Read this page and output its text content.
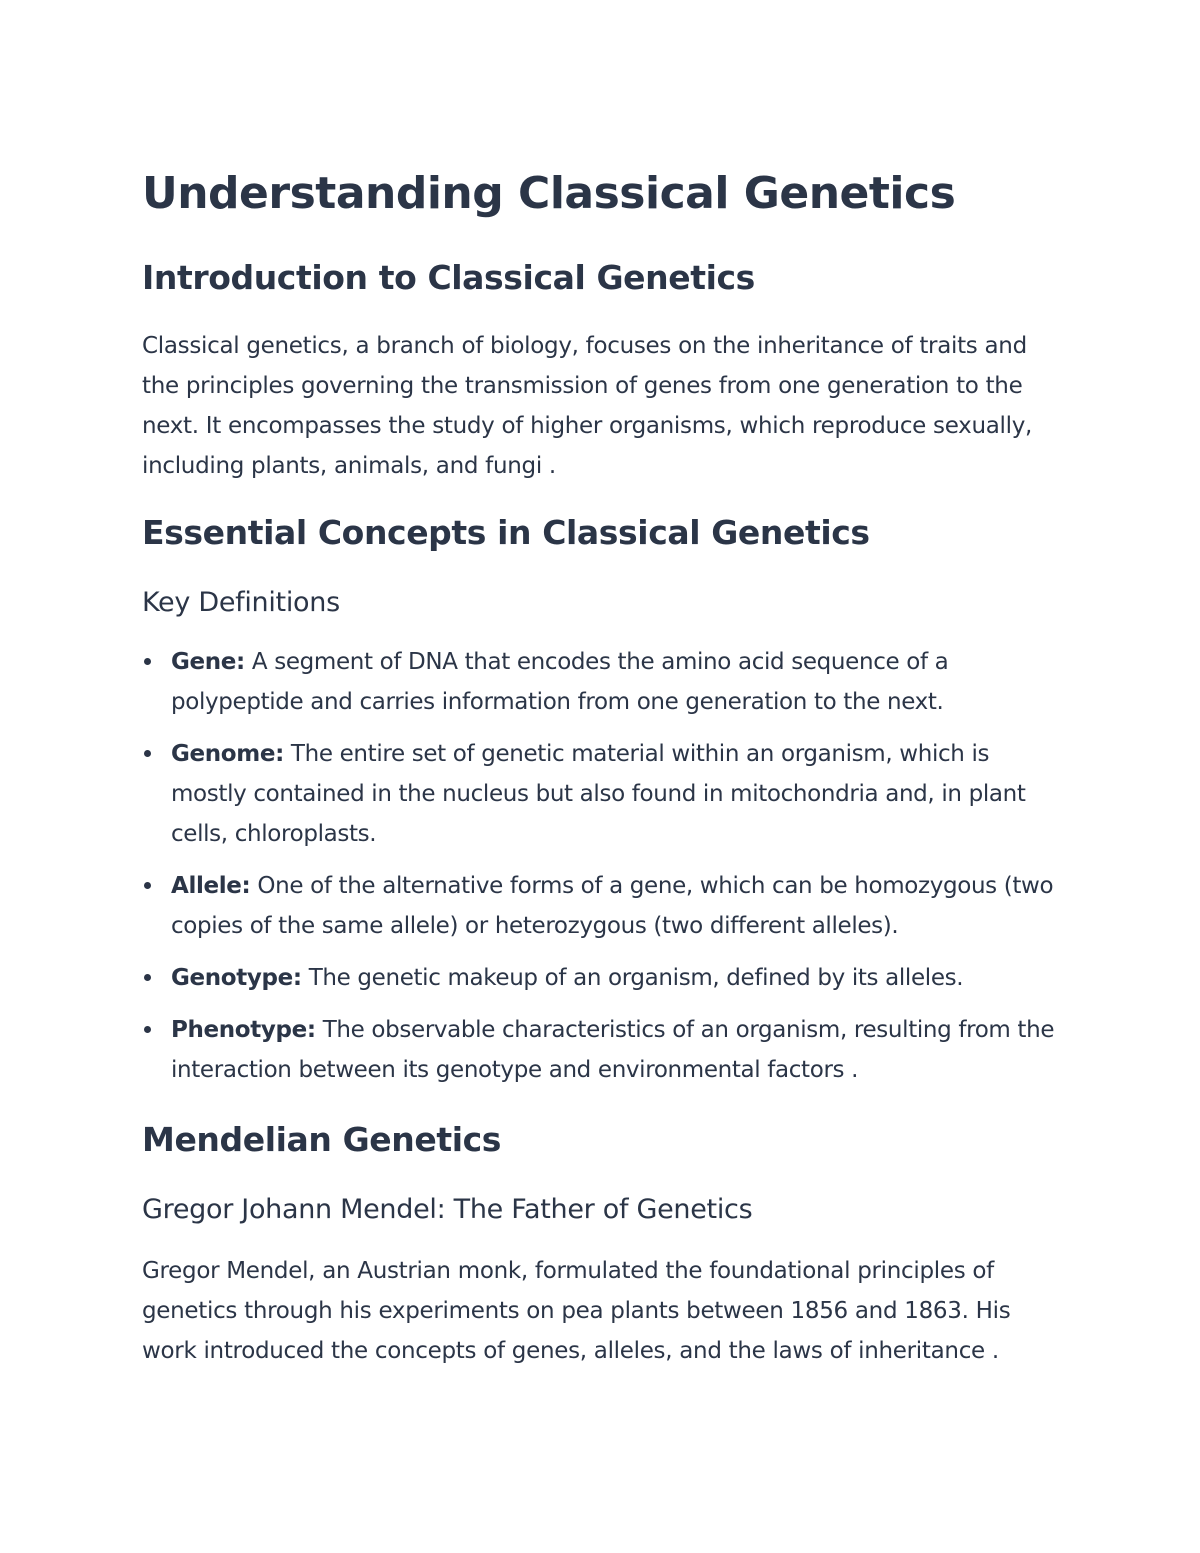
Understanding Classical Genetics
Introduction to Classical Genetics

Classical genetics, a branch of biology, focuses on the inheritance of traits and the principles governing the transmission of genes from one generation to the next. It encompasses the study of higher organisms, which reproduce sexually, including plants, animals, and fungi .

Essential Concepts in Classical Genetics
Key Definitions
Gene: A segment of DNA that encodes the amino acid sequence of a polypeptide and carries information from one generation to the next.
Genome: The entire set of genetic material within an organism, which is mostly contained in the nucleus but also found in mitochondria and, in plant cells, chloroplasts.
Allele: One of the alternative forms of a gene, which can be homozygous (two copies of the same allele) or heterozygous (two different alleles).
Genotype: The genetic makeup of an organism, defined by its alleles.
Phenotype: The observable characteristics of an organism, resulting from the interaction between its genotype and environmental factors .
Mendelian Genetics
Gregor Johann Mendel: The Father of Genetics

Gregor Mendel, an Austrian monk, formulated the foundational principles of genetics through his experiments on pea plants between 1856 and 1863. His work introduced the concepts of genes, alleles, and the laws of inheritance .
